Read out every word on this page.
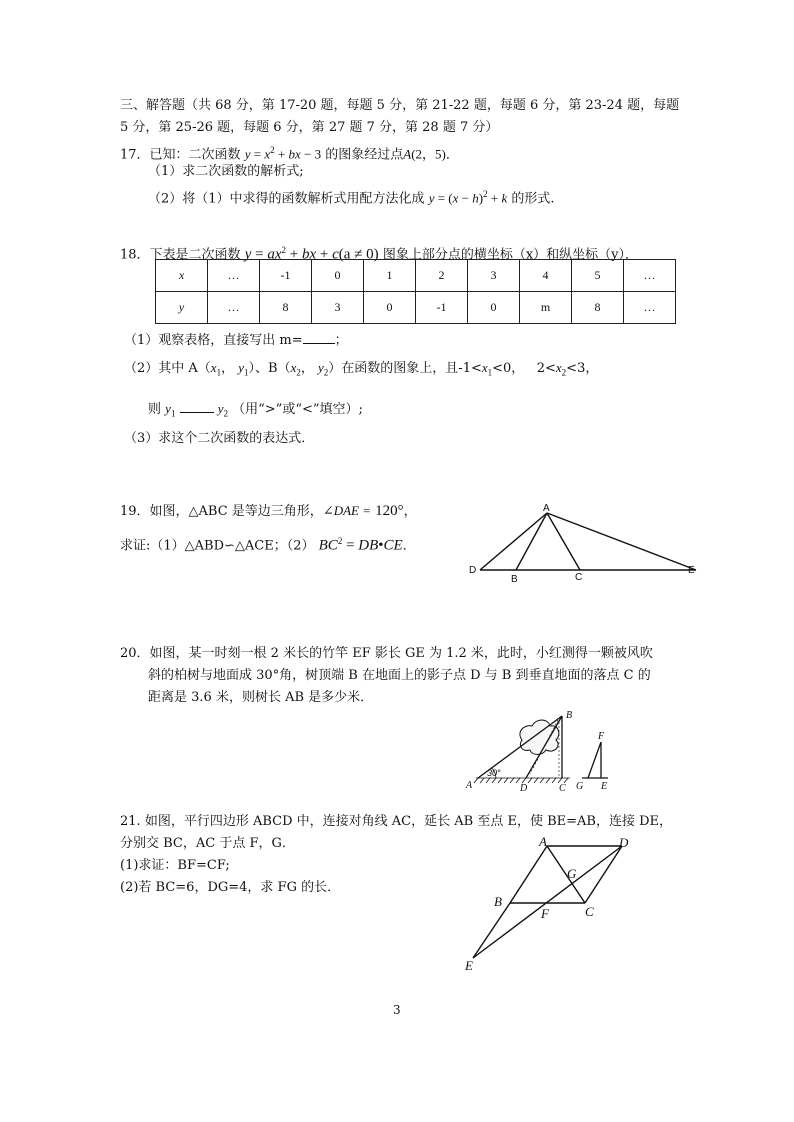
三、解答题（共 68 分，第 17-20 题，每题 5 分，第 21-22 题，每题 6 分，第 23-24 题，每题
5 分，第 25-26 题，每题 6 分，第 27 题 7 分，第 28 题 7 分）
17．已知：二次函数 $y = x^2$ + bx − 3 的图象经过点A(2，5)．
（1）求二次函数的解析式;
（2）将（1）中求得的函数解析式用配方法化成 $y = (x - h)^2 + k$ 的形式.
18．下表是二次函数 $y = ax^2$ + bx + c(a ≠ 0) 图象上部分点的横坐标（x）和纵坐标（y）．
x	…	-1	0	1	2	3	4	5	…
y	…	8	3	0	-1	0	m	8	…
（1）观察表格，直接写出 m= ；
（2）其中 $A(x_1$， $y_1$）、$B(x_2$， $y_2$）在函数的图象上，且$-1<x_1<0$， $2<x_2<3$，
则 $y_1$	$y_2$ （用“>”或“<”填空）;
（3）求这个二次函数的表达式．
19．如图，△ABC 是等边三角形，∠DAE = 120°，
求证:（1）△ABD∽△ACE；（2） $BC^2$ = DB•CE．
A
B	C
D	E
20．如图，某一时刻一根 2 米长的竹竿 EF 影长 GE 为 1.2 米，此时，小红测得一颗被风吹
斜的柏树与地面成 30°角，树顶端 B 在地面上的影子点 D 与 B 到垂直地面的落点 C 的
距离是 3.6 米，则树长 AB 是多少米．
A
B
C
D
30°
F
G E
21. 如图，平行四边形 ABCD 中，连接对角线 AC，延长 AB 至点 E，使 BE=AB，连接 DE，
分别交 BC，AC 于点 F，G．
(1)求证：BF=CF;
(2)若 BC=6，DG=4，求 FG 的长．
A
B
C
D
E
F
G
3
